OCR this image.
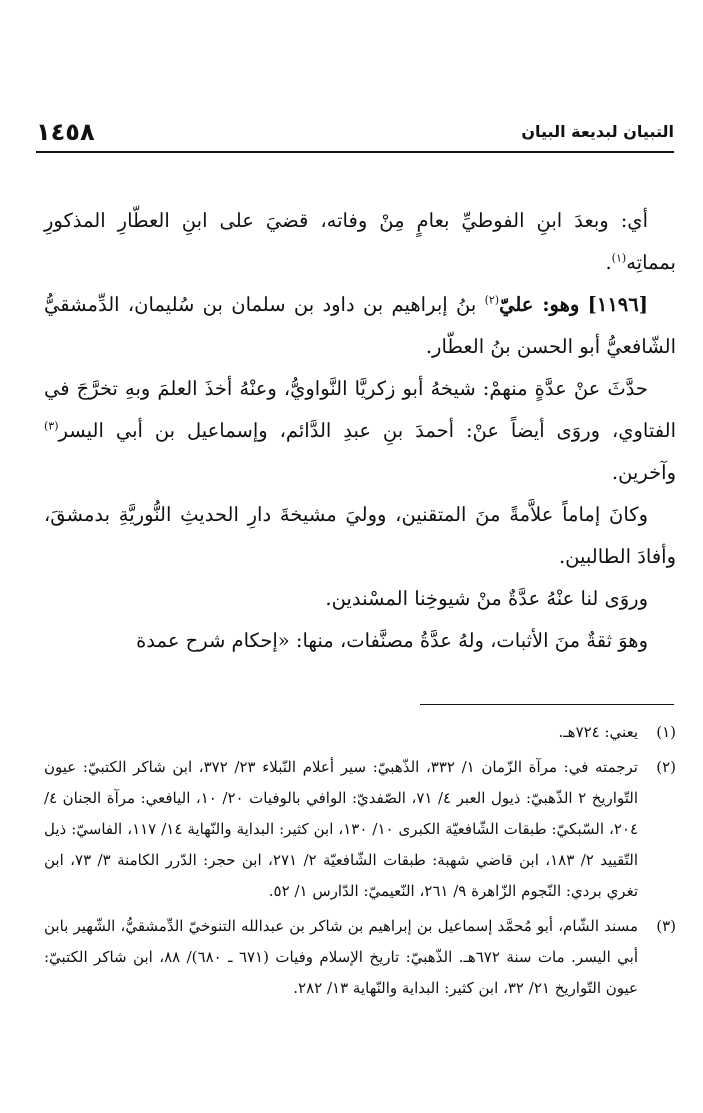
١٤٥٨	التبيان لبديعة البيان

أي: وبعدَ ابنِ الفوطيِّ بعامٍ مِنْ وفاته، قضيَ على ابنِ العطّارِ المذكورِ بمماتِه$^{(١)}$.

[١١٩٦] وهو: عليّ$^{(٢)}$ بنُ إبراهيم بن داود بن سلمان بن سُليمان، الدِّمشقيُّ الشّافعيُّ أبو الحسن بنُ العطّار.

حدَّثَ عنْ عدَّةٍ منهمْ: شيخهُ أبو زكريَّا النَّواويُّ، وعنْهُ أخذَ العلمَ وبهِ تخرَّجَ في الفتاوي، وروَى أيضاً عنْ: أحمدَ بنِ عبدِ الدَّائم، وإسماعيل بن أبي اليسر$^{(٣)}$ وآخرين.

وكانَ إماماً علاَّمةً منَ المتقنين، ووليَ مشيخةَ دارِ الحديثِ النُّوريَّةِ بدمشقَ، وأفادَ الطالبين.

وروَى لنا عنْهُ عدَّةٌ منْ شيوخِنا المسْندين.

وهوَ ثقةٌ منَ الأثبات، ولهُ عدَّةُ مصنَّفات، منها: «إحكام شرح عمدة

(١)
يعني: ٧٢٤هـ.
(٢)
ترجمته في: مرآة الزّمان ١/ ٣٣٢، الذّهبيّ: سير أعلام النّبلاء ٢٣/ ٣٧٢، ابن شاكر الكتبيّ: عيون التّواريخ ٢ الذّهبيّ: ذيول العبر ٤/ ٧١، الصّفديّ: الوافي بالوفيات ٢٠/ ١٠، اليافعي: مرآة الجنان ٤/ ٢٠٤، السّبكيّ: طبقات الشّافعيّة الكبرى ١٠/ ١٣٠، ابن كثير: البداية والنّهاية ١٤/ ١١٧، الفاسيّ: ذيل التّقييد ٢/ ١٨٣، ابن قاضي شهبة: طبقات الشّافعيّة ٢/ ٢٧١، ابن حجر: الدّرر الكامنة ٣/ ٧٣، ابن تغري بردي: النّجوم الزّاهرة ٩/ ٢٦١، النّعيميّ: الدّارس ١/ ٥٢.
(٣)
مسند الشّام، أبو مُحمَّد إسماعيل بن إبراهيم بن شاكر بن عبدالله التنوخيّ الدِّمشقيُّ، الشّهير بابن أبي اليسر. مات سنة ٦٧٢هـ. الذّهبيّ: تاريخ الإسلام وفيات (٦٧١ ـ ٦٨٠)/ ٨٨، ابن شاكر الكتبيّ: عيون التّواريخ ٢١/ ٣٢، ابن كثير: البداية والنّهاية ١٣/ ٢٨٢.
